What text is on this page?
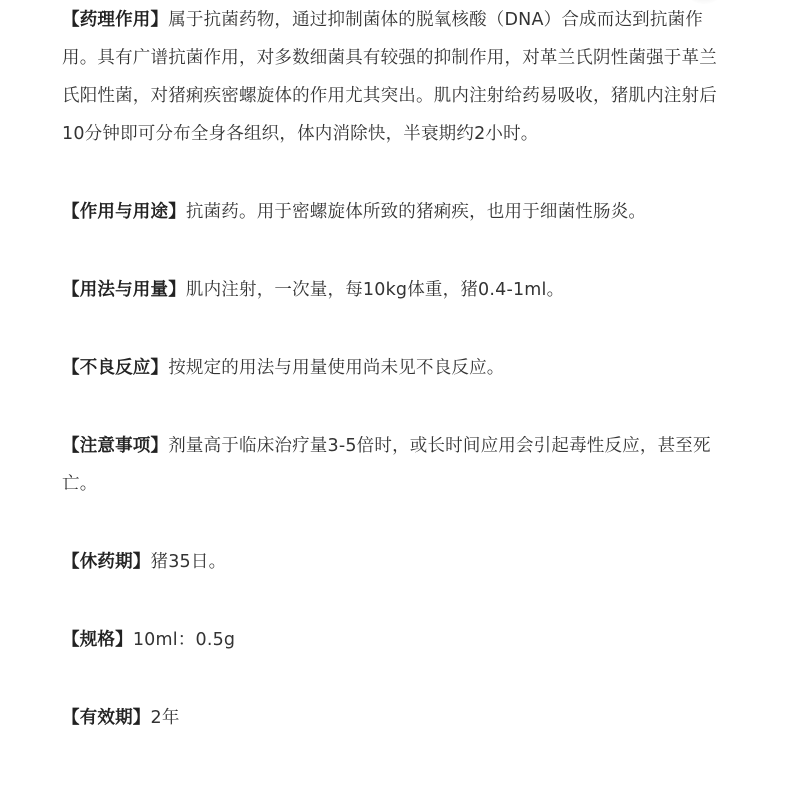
【药理作用】属于抗菌药物，通过抑制菌体的脱氧核酸（DNA）合成而达到抗菌作用。具有广谱抗菌作用，对多数细菌具有较强的抑制作用，对革兰氏阴性菌强于革兰氏阳性菌，对猪痢疾密螺旋体的作用尤其突出。肌内注射给药易吸收，猪肌内注射后10分钟即可分布全身各组织，体内消除快，半衰期约2小时。

【作用与用途】抗菌药。用于密螺旋体所致的猪痢疾，也用于细菌性肠炎。

【用法与用量】肌内注射，一次量，每10kg体重，猪0.4-1ml。

【不良反应】按规定的用法与用量使用尚未见不良反应。

【注意事项】剂量高于临床治疗量3-5倍时，或长时间应用会引起毒性反应，甚至死亡。

【休药期】猪35日。

【规格】10ml：0.5g

【有效期】2年
